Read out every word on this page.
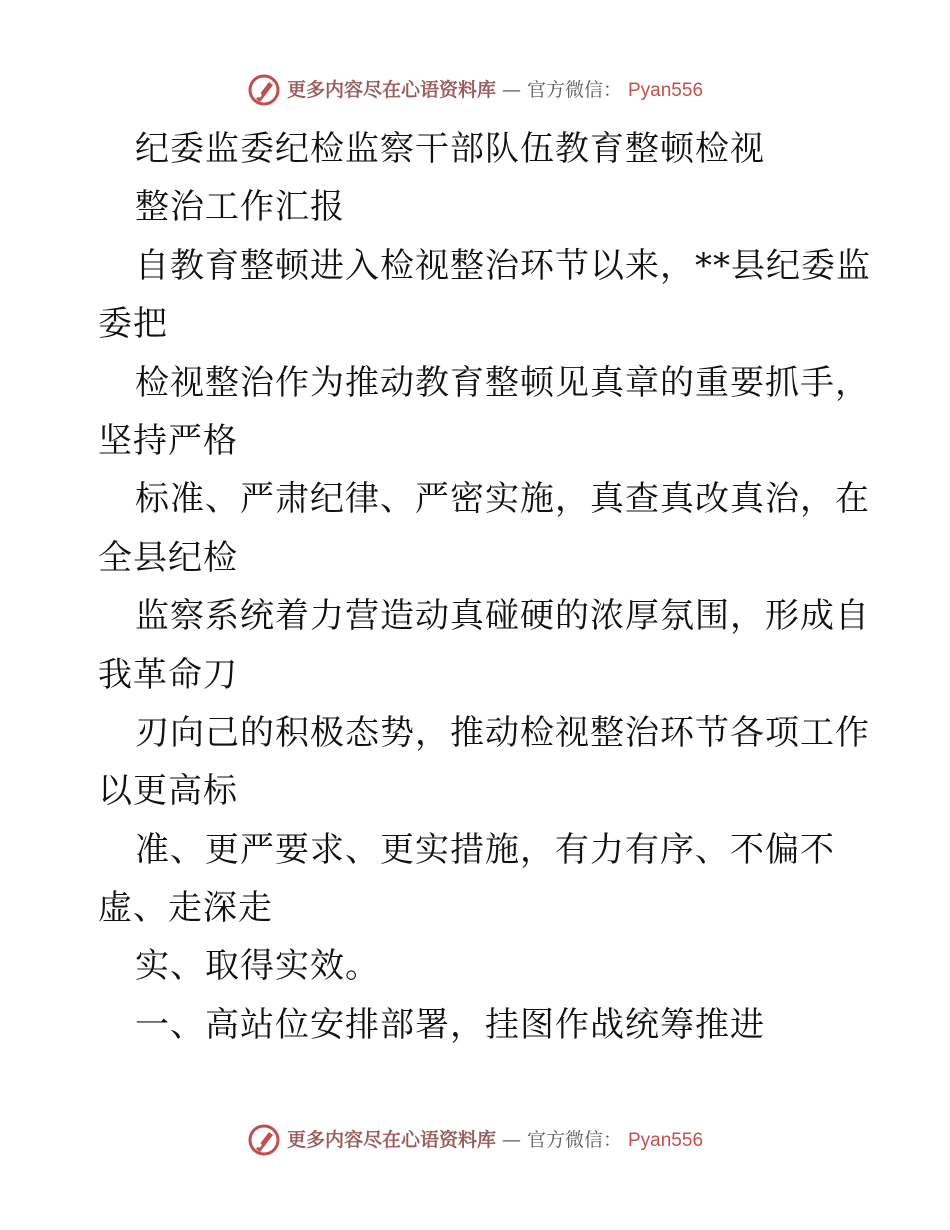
更多内容尽在心语资料库 — 官方微信： Pyan556
纪委监委纪检监察干部队伍教育整顿检视
整治工作汇报
自教育整顿进入检视整治环节以来，**县纪委监
委把
检视整治作为推动教育整顿见真章的重要抓手，
坚持严格
标准、严肃纪律、严密实施，真查真改真治，在
全县纪检
监察系统着力营造动真碰硬的浓厚氛围，形成自
我革命刀
刃向己的积极态势，推动检视整治环节各项工作
以更高标
准、更严要求、更实措施，有力有序、不偏不
虚、走深走
实、取得实效。
一、高站位安排部署，挂图作战统筹推进
更多内容尽在心语资料库 — 官方微信： Pyan556
